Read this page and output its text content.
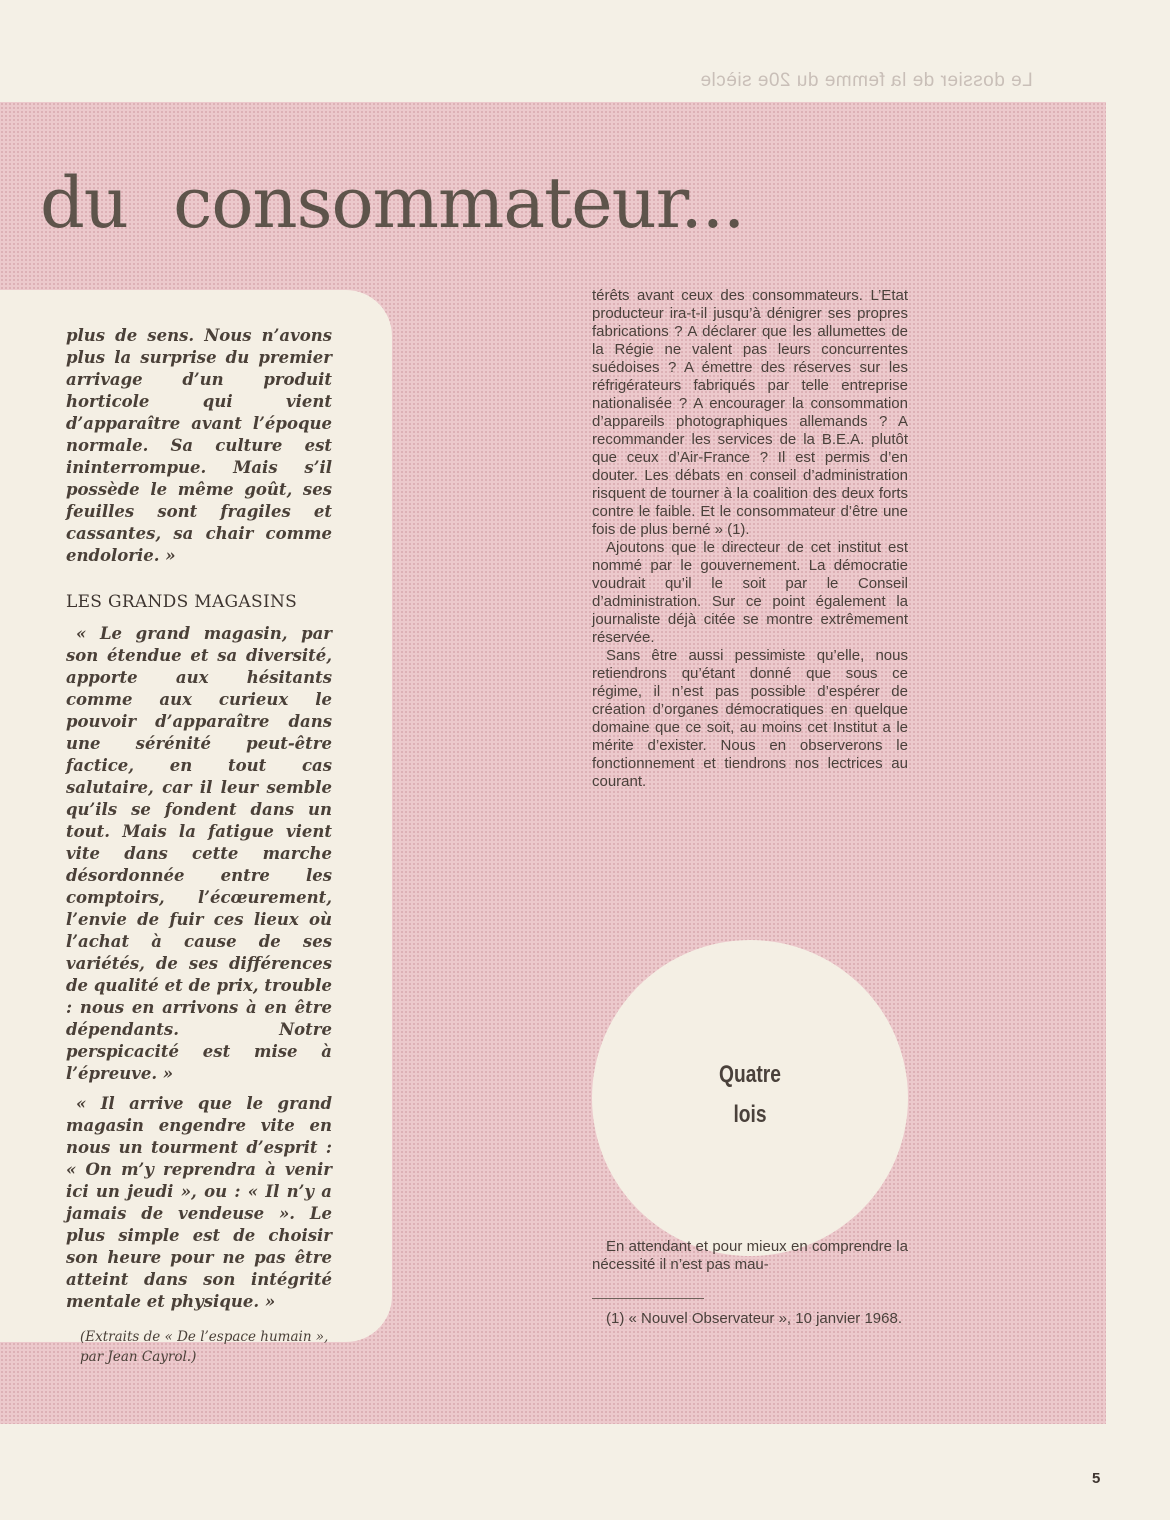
Le dossier de la femme du 20e siècle
du consommateur...

plus de sens. Nous n’avons plus la surprise du premier arrivage d’un produit horticole qui vient d’apparaître avant l’époque normale. Sa culture est ininterrompue. Mais s’il possède le même goût, ses feuilles sont fragiles et cassantes, sa chair comme endolorie. »

LES GRANDS MAGASINS

« Le grand magasin, par son étendue et sa diversité, apporte aux hésitants comme aux curieux le pouvoir d’apparaître dans une sérénité peut-être factice, en tout cas salutaire, car il leur semble qu’ils se fondent dans un tout. Mais la fatigue vient vite dans cette marche désordonnée entre les comptoirs, l’écœurement, l’envie de fuir ces lieux où l’achat à cause de ses variétés, de ses différences de qualité et de prix, trouble : nous en arrivons à en être dépendants. Notre perspicacité est mise à l’épreuve. »

« Il arrive que le grand magasin engendre vite en nous un tourment d’esprit : « On m’y reprendra à venir ici un jeudi », ou : « Il n’y a jamais de vendeuse ». Le plus simple est de choisir son heure pour ne pas être atteint dans son intégrité mentale et physique. »

(Extraits de « De l’espace humain », par Jean Cayrol.)

térêts avant ceux des consommateurs. L’Etat producteur ira-t-il jusqu’à dénigrer ses propres fabrications ? A déclarer que les allumettes de la Régie ne valent pas leurs concurrentes suédoises ? A émettre des réserves sur les réfrigérateurs fabriqués par telle entreprise nationalisée ? A encourager la consommation d’appareils photographiques allemands ? A recommander les services de la B.E.A. plutôt que ceux d’Air-France ? Il est permis d’en douter. Les débats en conseil d’administration risquent de tourner à la coalition des deux forts contre le faible. Et le consommateur d’être une fois de plus berné » (1).

Ajoutons que le directeur de cet institut est nommé par le gouvernement. La démocratie voudrait qu’il le soit par le Conseil d’administration. Sur ce point également la journaliste déjà citée se montre extrêmement réservée.

Sans être aussi pessimiste qu’elle, nous retiendrons qu’étant donné que sous ce régime, il n’est pas possible d’espérer de création d’organes démocratiques en quelque domaine que ce soit, au moins cet Institut a le mérite d’exister. Nous en observerons le fonctionnement et tiendrons nos lectrices au courant.

Quatre
lois

En attendant et pour mieux en comprendre la nécessité il n’est pas mau-

(1) « Nouvel Observateur », 10 janvier 1968.

5
